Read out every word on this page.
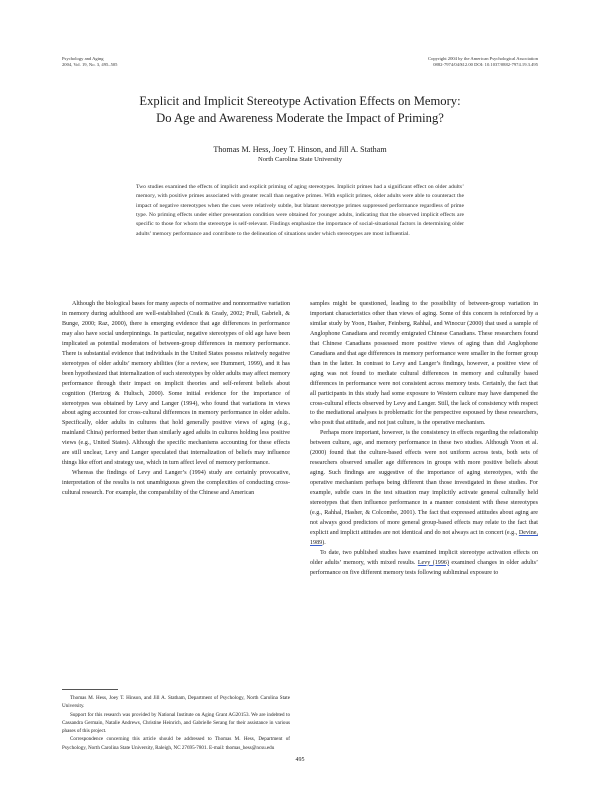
Psychology and Aging
2004, Vol. 19, No. 3, 495–505
Copyright 2004 by the American Psychological Association
0882-7974/04/$12.00 DOI: 10.1037/0882-7974.19.3.495
Explicit and Implicit Stereotype Activation Effects on Memory:
Do Age and Awareness Moderate the Impact of Priming?
Thomas M. Hess, Joey T. Hinson, and Jill A. Statham
North Carolina State University
Two studies examined the effects of implicit and explicit priming of aging stereotypes. Implicit primes had a significant effect on older adults’ memory, with positive primes associated with greater recall than negative primes. With explicit primes, older adults were able to counteract the impact of negative stereotypes when the cues were relatively subtle, but blatant stereotype primes suppressed performance regardless of prime type. No priming effects under either presentation condition were obtained for younger adults, indicating that the observed implicit effects are specific to those for whom the stereotype is self-relevant. Findings emphasize the importance of social-situational factors in determining older adults’ memory performance and contribute to the delineation of situations under which stereotypes are most influential.

Although the biological bases for many aspects of normative and nonnormative variation in memory during adulthood are well-established (Craik & Grady, 2002; Prull, Gabrieli, & Bunge, 2000; Raz, 2000), there is emerging evidence that age differences in performance may also have social underpinnings. In particular, negative stereotypes of old age have been implicated as potential moderators of between-group differences in memory performance. There is substantial evidence that individuals in the United States possess relatively negative stereotypes of older adults’ memory abilities (for a review, see Hummert, 1999), and it has been hypothesized that internalization of such stereotypes by older adults may affect memory performance through their impact on implicit theories and self-referent beliefs about cognition (Hertzog & Hultsch, 2000). Some initial evidence for the importance of stereotypes was obtained by Levy and Langer (1994), who found that variations in views about aging accounted for cross-cultural differences in memory performance in older adults. Specifically, older adults in cultures that hold generally positive views of aging (e.g., mainland China) performed better than similarly aged adults in cultures holding less positive views (e.g., United States). Although the specific mechanisms accounting for these effects are still unclear, Levy and Langer speculated that internalization of beliefs may influence things like effort and strategy use, which in turn affect level of memory performance.

Whereas the findings of Levy and Langer’s (1994) study are certainly provocative, interpretation of the results is not unambiguous given the complexities of conducting cross-cultural research. For example, the comparability of the Chinese and American

Thomas M. Hess, Joey T. Hinson, and Jill A. Statham, Department of Psychology, North Carolina State University.

Support for this research was provided by National Institute on Aging Grant AG20153. We are indebted to Cassandra Germain, Natalie Andrews, Christine Heinrich, and Gabrielle Serang for their assistance in various phases of this project.

Correspondence concerning this article should be addressed to Thomas M. Hess, Department of Psychology, North Carolina State University, Raleigh, NC 27695-7801. E-mail: thomas_hess@ncsu.edu

samples might be questioned, leading to the possibility of between-group variation in important characteristics other than views of aging. Some of this concern is reinforced by a similar study by Yoon, Hasher, Feinberg, Rahhal, and Winocur (2000) that used a sample of Anglophone Canadians and recently emigrated Chinese Canadians. These researchers found that Chinese Canadians possessed more positive views of aging than did Anglophone Canadians and that age differences in memory performance were smaller in the former group than in the latter. In contrast to Levy and Langer’s findings, however, a positive view of aging was not found to mediate cultural differences in memory and culturally based differences in performance were not consistent across memory tests. Certainly, the fact that all participants in this study had some exposure to Western culture may have dampened the cross-cultural effects observed by Levy and Langer. Still, the lack of consistency with respect to the mediational analyses is problematic for the perspective espoused by these researchers, who posit that attitude, and not just culture, is the operative mechanism.

Perhaps more important, however, is the consistency in effects regarding the relationship between culture, age, and memory performance in these two studies. Although Yoon et al. (2000) found that the culture-based effects were not uniform across tests, both sets of researchers observed smaller age differences in groups with more positive beliefs about aging. Such findings are suggestive of the importance of aging stereotypes, with the operative mechanism perhaps being different than those investigated in these studies. For example, subtle cues in the test situation may implicitly activate general culturally held stereotypes that then influence performance in a manner consistent with these stereotypes (e.g., Rahhal, Hasher, & Colcombe, 2001). The fact that expressed attitudes about aging are not always good predictors of more general group-based effects may relate to the fact that explicit and implicit attitudes are not identical and do not always act in concert (e.g., Devine, 1989).

To date, two published studies have examined implicit stereotype activation effects on older adults’ memory, with mixed results. Levy (1996) examined changes in older adults’ performance on five different memory tests following subliminal exposure to

495
